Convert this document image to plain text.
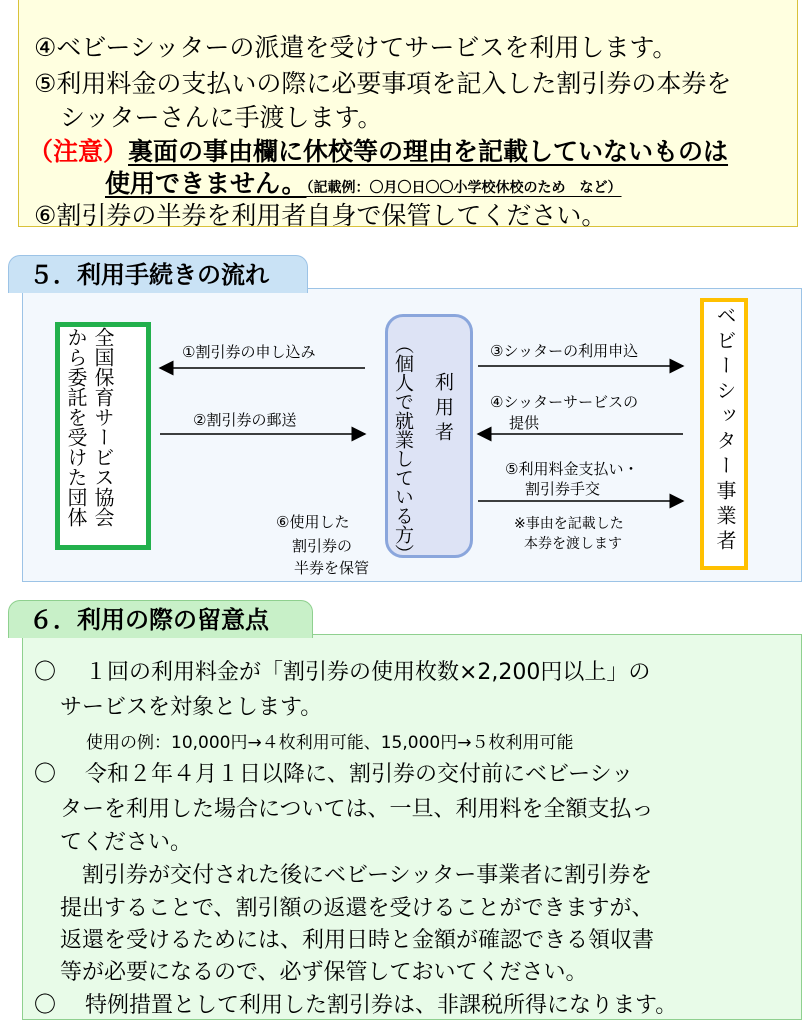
④ベビーシッターの派遣を受けてサービスを利用します。
⑤利用料金の支払いの際に必要事項を記入した割引券の本券を
シッターさんに手渡します。
（注意）裏面の事由欄に休校等の理由を記載していないものは
使用できません。（記載例：〇月〇日〇〇小学校休校のため　など）
⑥割引券の半券を利用者自身で保管してください。
５．利用手続きの流れ
全国保育サービス協会から委託を受けた団体	（個人で就業している方） 利用者	ベビーシッター事業者
①割引券の申し込み
②割引券の郵送
③シッターの利用申込
④シッターサービスの
提供
⑤利用料金支払い・
割引券手交
※事由を記載した
本券を渡します
⑥使用した
割引券の
半券を保管
６．利用の際の留意点
〇　 １回の利用料金が「割引券の使用枚数×2,200円以上」の
サービスを対象とします。
使用の例：10,000円→４枚利用可能、15,000円→５枚利用可能
〇　 令和２年４月１日以降に、割引券の交付前にベビーシッ
ターを利用した場合については、一旦、利用料を全額支払っ
てください。
　割引券が交付された後にベビーシッター事業者に割引券を
提出することで、割引額の返還を受けることができますが、
返還を受けるためには、利用日時と金額が確認できる領収書
等が必要になるので、必ず保管しておいてください。
〇　 特例措置として利用した割引券は、非課税所得になります。
